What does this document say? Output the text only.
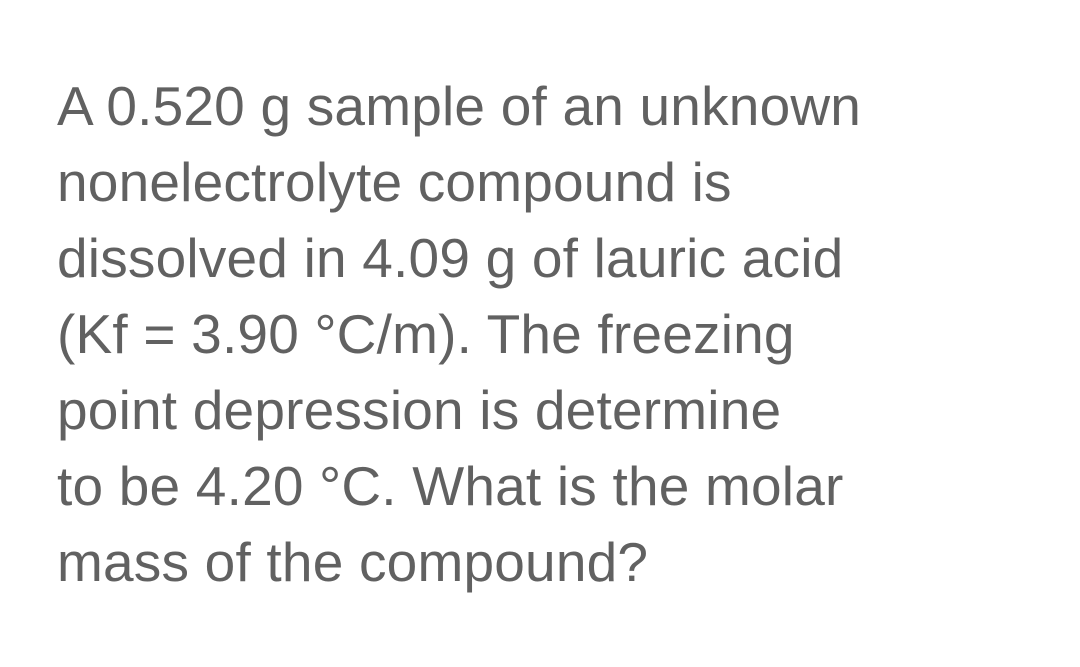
A 0.520 g sample of an unknown
nonelectrolyte compound is
dissolved in 4.09 g of lauric acid
(Kf = 3.90 °C/m). The freezing
point depression is determine
to be 4.20 °C. What is the molar
mass of the compound?
